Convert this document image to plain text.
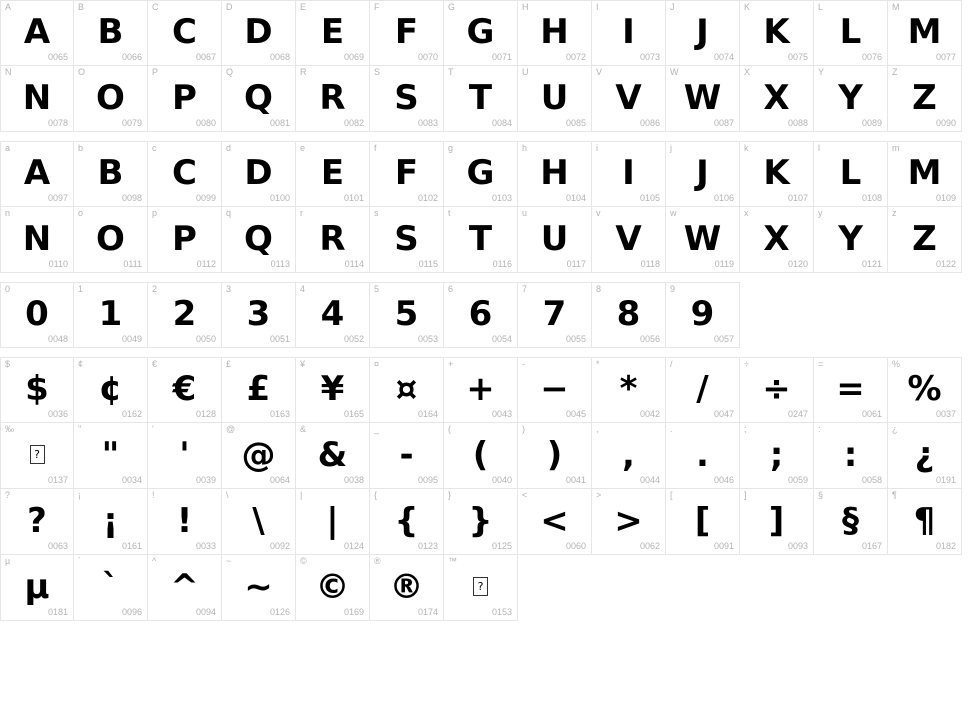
A
A
0065
B
B
0066
C
C
0067
D
D
0068
E
E
0069
F
F
0070
G
G
0071
H
H
0072
I
I
0073
J
J
0074
K
K
0075
L
L
0076
M
M
0077
N
N
0078
O
O
0079
P
P
0080
Q
Q
0081
R
R
0082
S
S
0083
T
T
0084
U
U
0085
V
V
0086
W
W
0087
X
X
0088
Y
Y
0089
Z
Z
0090
a
A
0097
b
B
0098
c
C
0099
d
D
0100
e
E
0101
f
F
0102
g
G
0103
h
H
0104
i
I
0105
j
J
0106
k
K
0107
l
L
0108
m
M
0109
n
N
0110
o
O
0111
p
P
0112
q
Q
0113
r
R
0114
s
S
0115
t
T
0116
u
U
0117
v
V
0118
w
W
0119
x
X
0120
y
Y
0121
z
Z
0122
0
0
0048
1
1
0049
2
2
0050
3
3
0051
4
4
0052
5
5
0053
6
6
0054
7
7
0055
8
8
0056
9
9
0057
$
$
0036
¢
¢
0162
€
€
0128
£
£
0163
¥
¥
0165
¤
¤
0164
+
+
0043
-
−
0045
*
*
0042
/
/
0047
÷
÷
0247
=
=
0061
%
%
0037
‰
?
0137
"
"
0034
'
'
0039
@
@
0064
&
&
0038
_
-
0095
(
(
0040
)
)
0041
,
,
0044
.
.
0046
;
;
0059
:
:
0058
¿
¿
0191
?
?
0063
¡
¡
0161
!
!
0033
\
\
0092
|
|
0124
{
{
0123
}
}
0125
<
<
0060
>
>
0062
[
[
0091
]
]
0093
§
§
0167
¶
¶
0182
µ
µ
0181
`
`
0096
^
^
0094
~
~
0126
©
©
0169
®
®
0174
™
?
0153
